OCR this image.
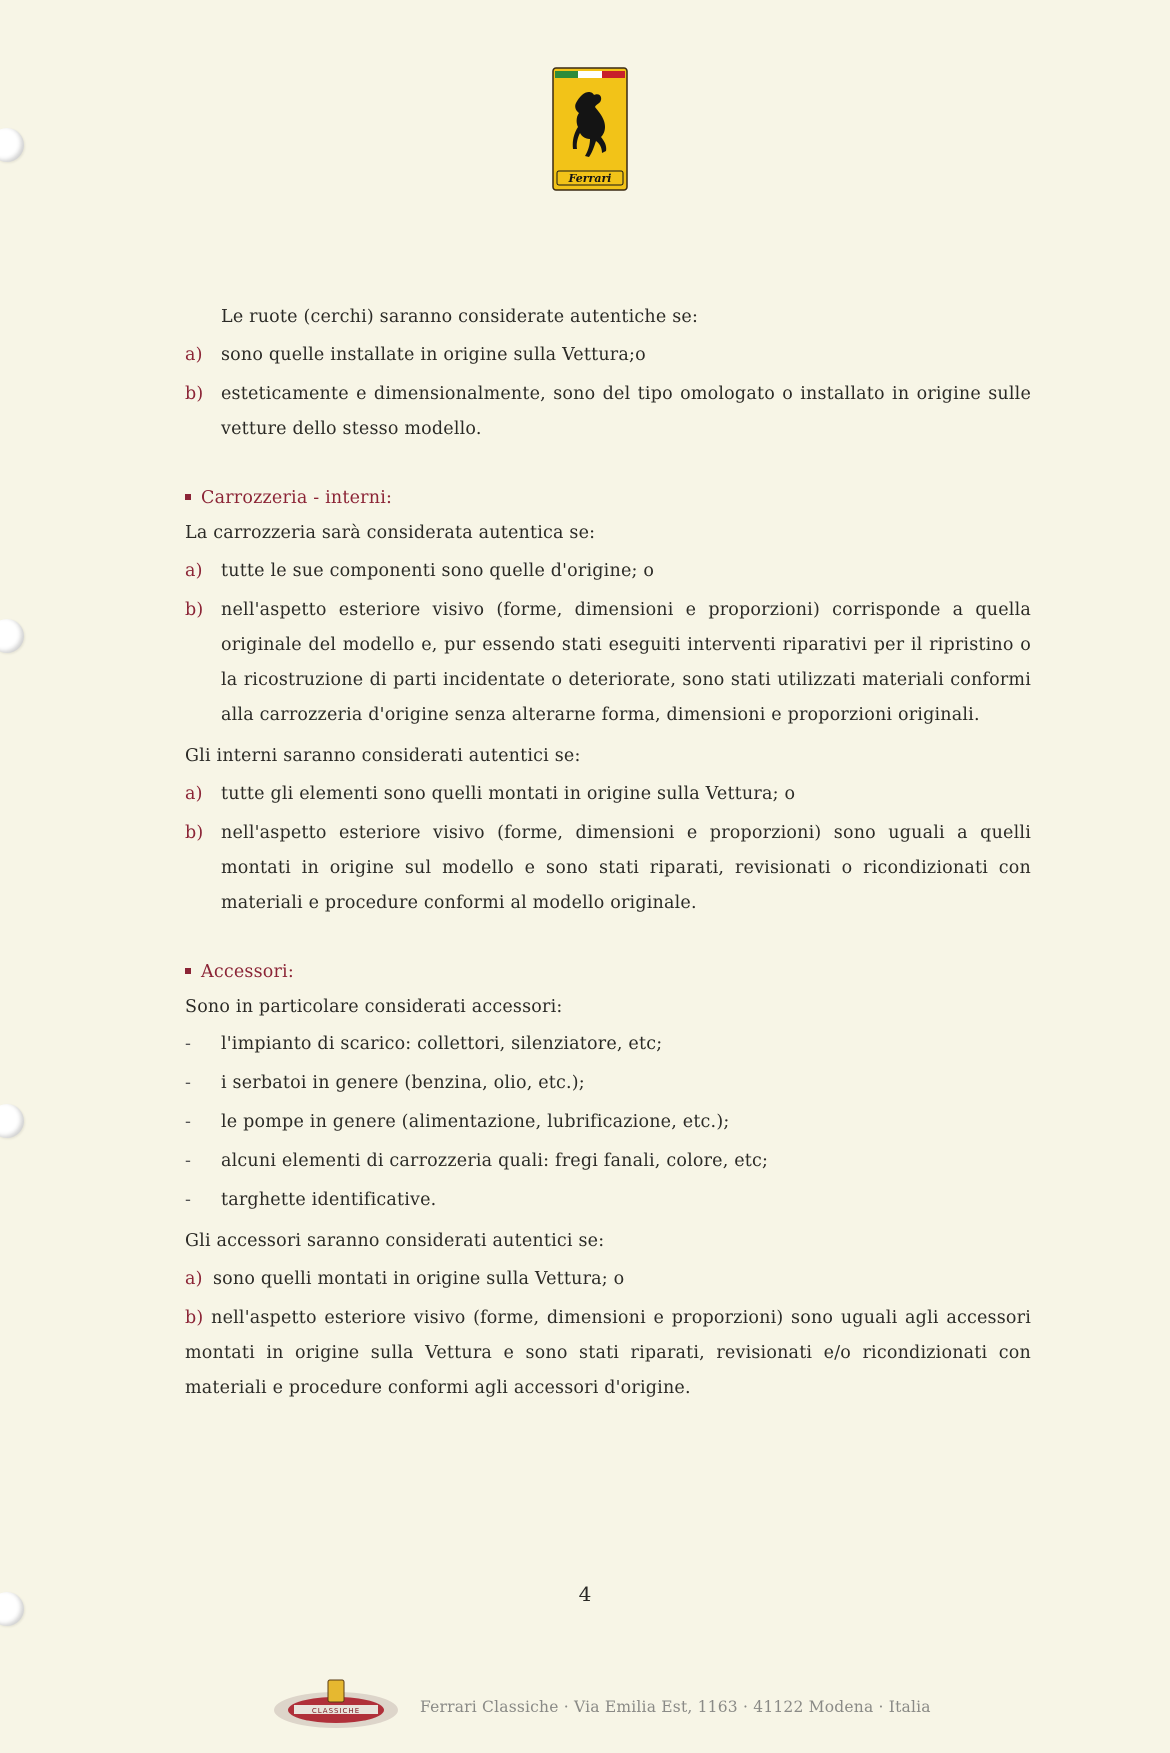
Ferrari

Le ruote (cerchi) saranno considerate autentiche se:

a) sono quelle installate in origine sulla Vettura;o
b) esteticamente e dimensionalmente, sono del tipo omologato o installato in origine sulle vetture dello stesso modello.

Carrozzeria - interni:

La carrozzeria sarà considerata autentica se:

a) tutte le sue componenti sono quelle d'origine; o
b) nell'aspetto esteriore visivo (forme, dimensioni e proporzioni) corrisponde a quella originale del modello e, pur essendo stati eseguiti interventi riparativi per il ripristino o la ricostruzione di parti incidentate o deteriorate, sono stati utilizzati materiali conformi alla carrozzeria d'origine senza alterarne forma, dimensioni e proporzioni originali.

Gli interni saranno considerati autentici se:

a) tutte gli elementi sono quelli montati in origine sulla Vettura; o
b) nell'aspetto esteriore visivo (forme, dimensioni e proporzioni) sono uguali a quelli montati in origine sul modello e sono stati riparati, revisionati o ricondizionati con materiali e procedure conformi al modello originale.

Accessori:

Sono in particolare considerati accessori:

- l'impianto di scarico: collettori, silenziatore, etc;
- i serbatoi in genere (benzina, olio, etc.);
- le pompe in genere (alimentazione, lubrificazione, etc.);
- alcuni elementi di carrozzeria quali: fregi fanali, colore, etc;
- targhette identificative.

Gli accessori saranno considerati autentici se:

a) sono quelli montati in origine sulla Vettura; o
b) nell'aspetto esteriore visivo (forme, dimensioni e proporzioni) sono uguali agli accessori montati in origine sulla Vettura e sono stati riparati, revisionati e/o ricondizionati con materiali e procedure conformi agli accessori d'origine.
4
CLASSICHE	Ferrari Classiche · Via Emilia Est, 1163 · 41122 Modena · Italia
